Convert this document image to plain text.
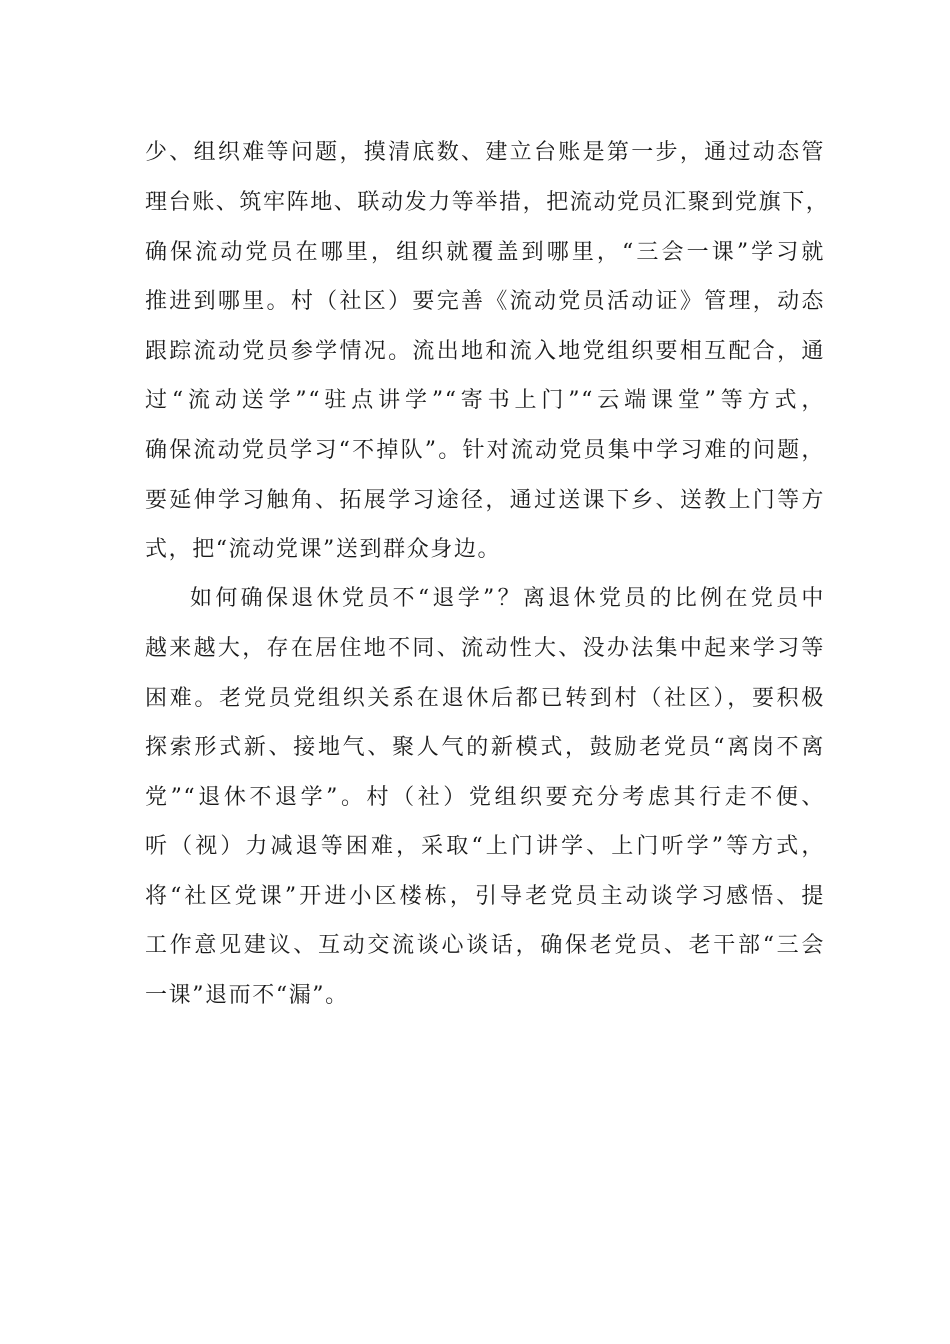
少、组织难等问题，摸清底数、建立台账是第一步，通过动态管
理台账、筑牢阵地、联动发力等举措，把流动党员汇聚到党旗下，
确保流动党员在哪里，组织就覆盖到哪里，“三会一课”学习就
推进到哪里。村（社区）要完善《流动党员活动证》管理，动态
跟踪流动党员参学情况。流出地和流入地党组织要相互配合，通
过“流动送学”“驻点讲学”“寄书上门”“云端课堂”等方式，
确保流动党员学习“不掉队”。针对流动党员集中学习难的问题，
要延伸学习触角、拓展学习途径，通过送课下乡、送教上门等方
式，把“流动党课”送到群众身边。
如何确保退休党员不“退学”？离退休党员的比例在党员中
越来越大，存在居住地不同、流动性大、没办法集中起来学习等
困难。老党员党组织关系在退休后都已转到村（社区），要积极
探索形式新、接地气、聚人气的新模式，鼓励老党员“离岗不离
党”“退休不退学”。村（社）党组织要充分考虑其行走不便、
听（视）力减退等困难，采取“上门讲学、上门听学”等方式，
将“社区党课”开进小区楼栋，引导老党员主动谈学习感悟、提
工作意见建议、互动交流谈心谈话，确保老党员、老干部“三会
一课”退而不“漏”。
